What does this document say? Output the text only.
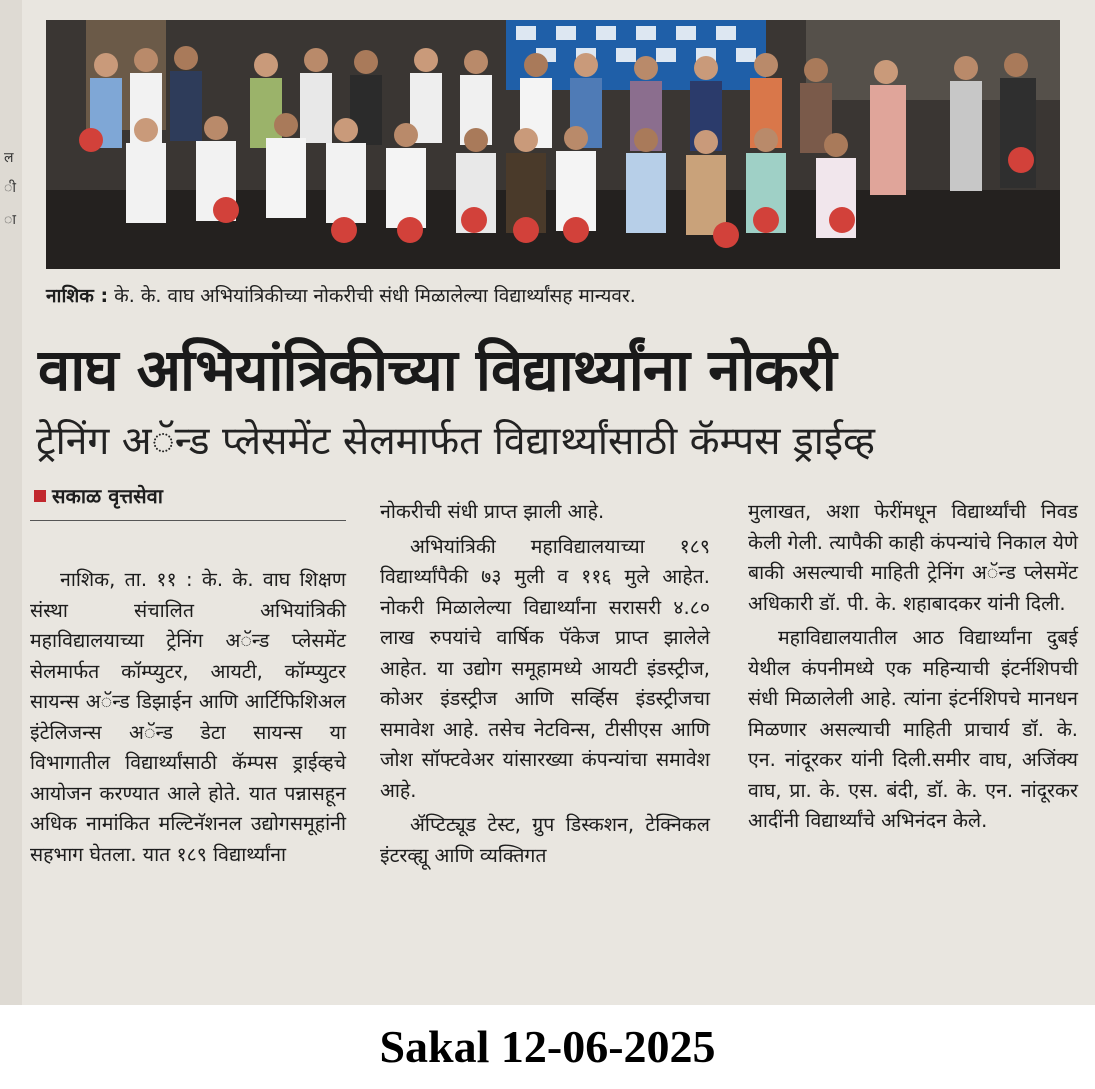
ल
ी
ा
नाशिक : के. के. वाघ अभियांत्रिकीच्या नोकरीची संधी मिळालेल्या विद्यार्थ्यांसह मान्यवर.
वाघ अभियांत्रिकीच्या विद्यार्थ्यांना नोकरी
ट्रेनिंग अॅन्ड प्लेसमेंट सेलमार्फत विद्यार्थ्यांसाठी कॅम्पस ड्राईव्ह
सकाळ वृत्तसेवा

नाशिक, ता. ११ : के. के. वाघ शिक्षण संस्था संचालित अभियांत्रिकी महाविद्यालयाच्या ट्रेनिंग अॅन्ड प्लेसमेंट सेलमार्फत कॉम्प्युटर, आयटी, कॉम्प्युटर सायन्स अॅन्ड डिझाईन आणि आर्टिफिशिअल इंटेलिजन्स अॅन्ड डेटा सायन्स या विभागातील विद्यार्थ्यांसाठी कॅम्पस ड्राईव्हचे आयोजन करण्यात आले होते. यात पन्नासहून अधिक नामांकित मल्टिनॅशनल उद्योगसमूहांनी सहभाग घेतला. यात १८९ विद्यार्थ्यांना

नोकरीची संधी प्राप्त झाली आहे.

अभियांत्रिकी महाविद्यालयाच्या १८९ विद्यार्थ्यांपैकी ७३ मुली व ११६ मुले आहेत. नोकरी मिळालेल्या विद्यार्थ्यांना सरासरी ४.८० लाख रुपयांचे वार्षिक पॅकेज प्राप्त झालेले आहेत. या उद्योग समूहामध्ये आयटी इंडस्ट्रीज, कोअर इंडस्ट्रीज आणि सर्व्हिस इंडस्ट्रीजचा समावेश आहे. तसेच नेटविन्स, टीसीएस आणि जोश सॉफ्टवेअर यांसारख्या कंपन्यांचा समावेश आहे.

ॲप्टिट्यूड टेस्ट, ग्रुप डिस्कशन, टेक्निकल इंटरव्ह्यू आणि व्यक्तिगत

मुलाखत, अशा फेरींमधून विद्यार्थ्यांची निवड केली गेली. त्यापैकी काही कंपन्यांचे निकाल येणे बाकी असल्याची माहिती ट्रेनिंग अॅन्ड प्लेसमेंट अधिकारी डॉ. पी. के. शहाबादकर यांनी दिली.

महाविद्यालयातील आठ विद्यार्थ्यांना दुबई येथील कंपनीमध्ये एक महिन्याची इंटर्नशिपची संधी मिळालेली आहे. त्यांना इंटर्नशिपचे मानधन मिळणार असल्याची माहिती प्राचार्य डॉ. के. एन. नांदूरकर यांनी दिली.समीर वाघ, अजिंक्य वाघ, प्रा. के. एस. बंदी, डॉ. के. एन. नांदूरकर आदींनी विद्यार्थ्यांचे अभिनंदन केले.

Sakal 12-06-2025
